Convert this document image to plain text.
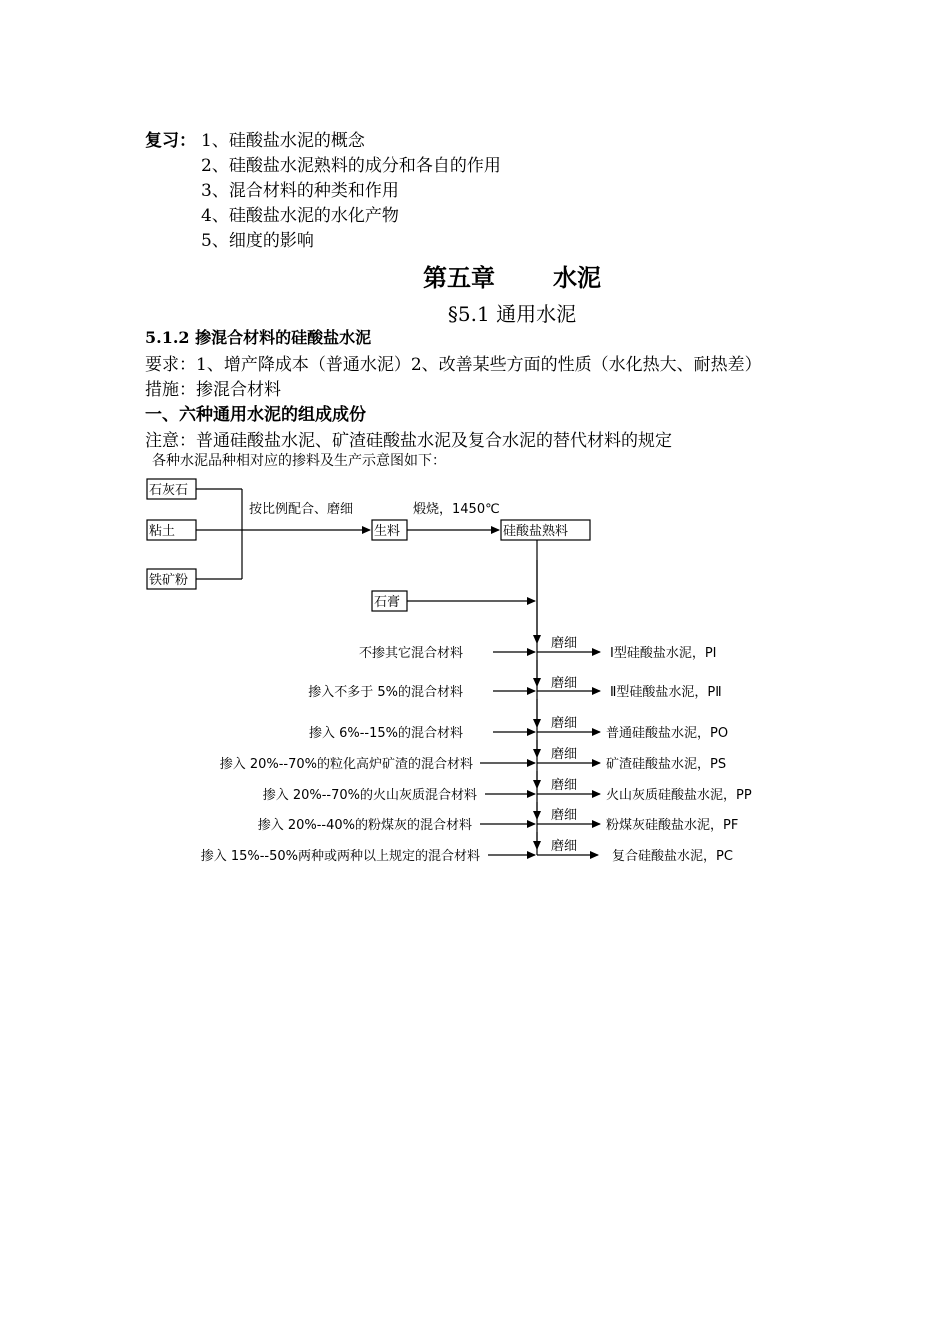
复习： 1、硅酸盐水泥的概念
2、硅酸盐水泥熟料的成分和各自的作用
3、混合材料的种类和作用
4、硅酸盐水泥的水化产物
5、细度的影响
第五章 水泥
§5.1 通用水泥
5.1.2 掺混合材料的硅酸盐水泥
要求：1、增产降成本（普通水泥）2、改善某些方面的性质（水化热大、耐热差）
措施：掺混合材料
一、六种通用水泥的组成成份
注意：普通硅酸盐水泥、矿渣硅酸盐水泥及复合水泥的替代材料的规定
各种水泥品种相对应的掺料及生产示意图如下：
按比例配合、磨细	煅烧，1450℃
石灰石
粘土
铁矿粉
生料	硅酸盐熟料
石膏
不掺其它混合材料
磨细
Ⅰ型硅酸盐水泥，PⅠ
掺入不多于 5%的混合材料
磨细
Ⅱ型硅酸盐水泥，PⅡ
掺入 6%--15%的混合材料
磨细
普通硅酸盐水泥，PO
掺入 20%--70%的粒化高炉矿渣的混合材料
磨细
矿渣硅酸盐水泥，PS
掺入 20%--70%的火山灰质混合材料
磨细
火山灰质硅酸盐水泥，PP
掺入 20%--40%的粉煤灰的混合材料
磨细
粉煤灰硅酸盐水泥，PF
掺入 15%--50%两种或两种以上规定的混合材料
磨细
复合硅酸盐水泥，PC
